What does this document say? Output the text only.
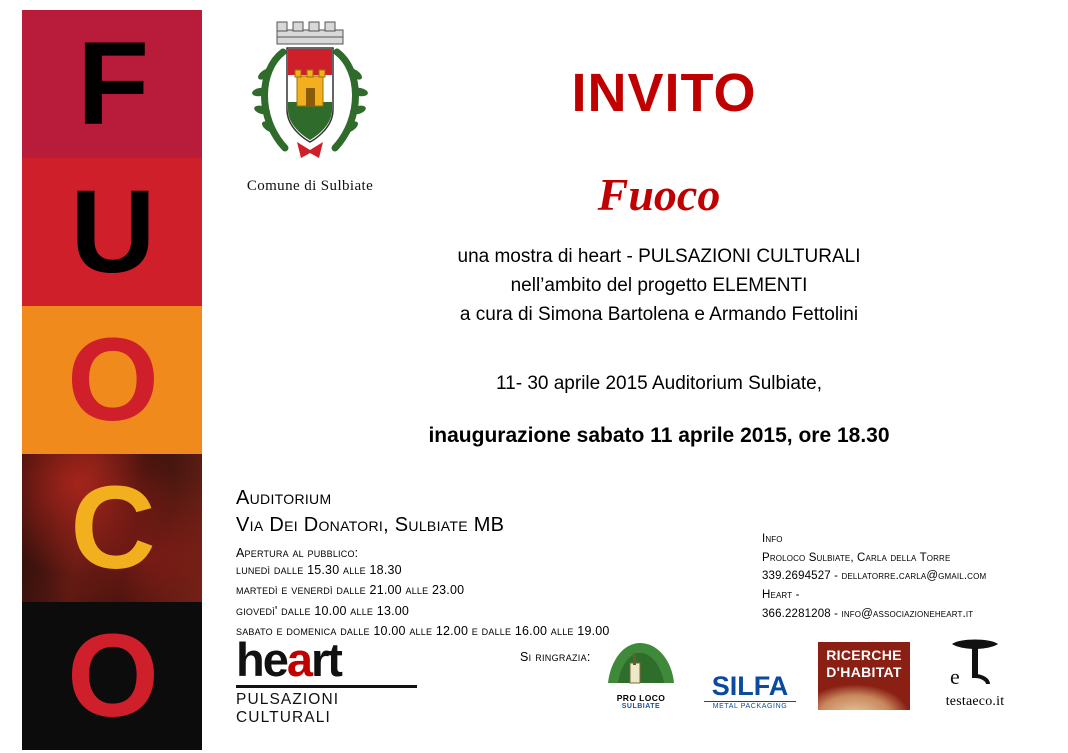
F
U
O
C
O
Comune di Sulbiate
INVITO
Fuoco
una mostra di heart - PULSAZIONI CULTURALI
nell’ambito del progetto ELEMENTI
a cura di Simona Bartolena e Armando Fettolini
11- 30 aprile 2015 Auditorium Sulbiate,
inaugurazione sabato 11 aprile 2015, ore 18.30
Auditorium
Via Dei Donatori, Sulbiate MB
Apertura al pubblico:
lunedì dalle 15.30 alle 18.30
martedì e venerdì dalle 21.00 alle 23.00
giovedì' dalle 10.00 alle 13.00
sabato e domenica dalle 10.00 alle 12.00 e dalle 16.00 alle 19.00
Info
Proloco Sulbiate, Carla della Torre
339.2694527 - dellatorre.carla@gmail.com
Heart -
366.2281208 - info@associazioneheart.it
heart
PULSAZIONI CULTURALI
Si ringrazia:
PRO LOCO
SULBIATE
SILFA
METAL PACKAGING
RICERCHE
D'HABITAT	e
testaeco.it
